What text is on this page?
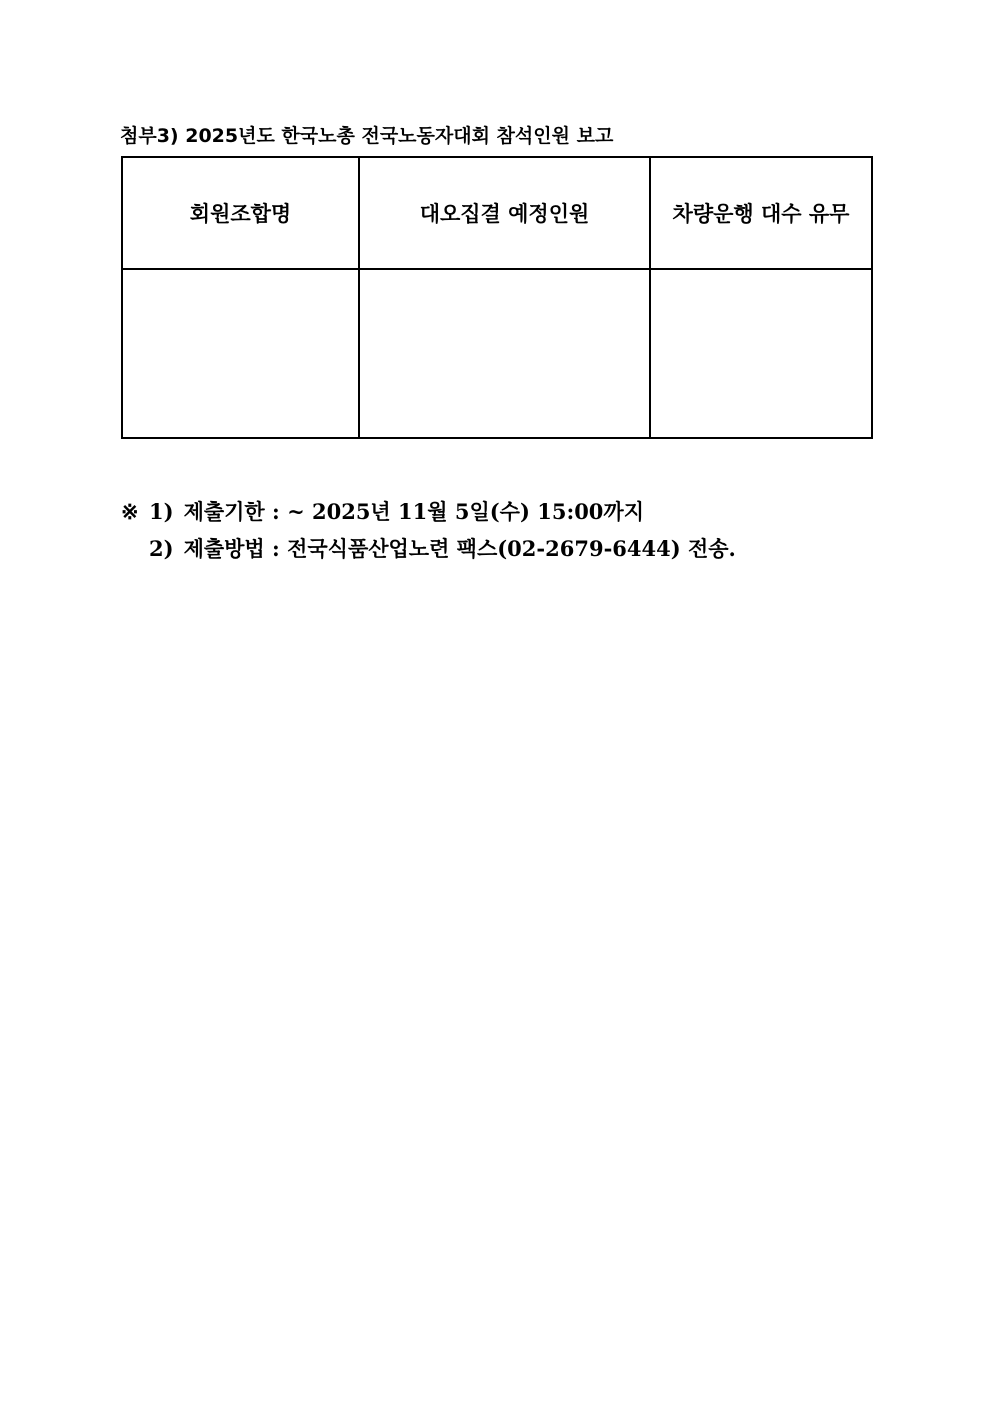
첨부3) 2025년도 한국노총 전국노동자대회 참석인원 보고
회원조합명	대오집결 예정인원	차량운행 대수 유무

※ 1) 제출기한 : ~ 2025년 11월 5일(수) 15:00까지
2) 제출방법 : 전국식품산업노련 팩스(02-2679-6444) 전송.
